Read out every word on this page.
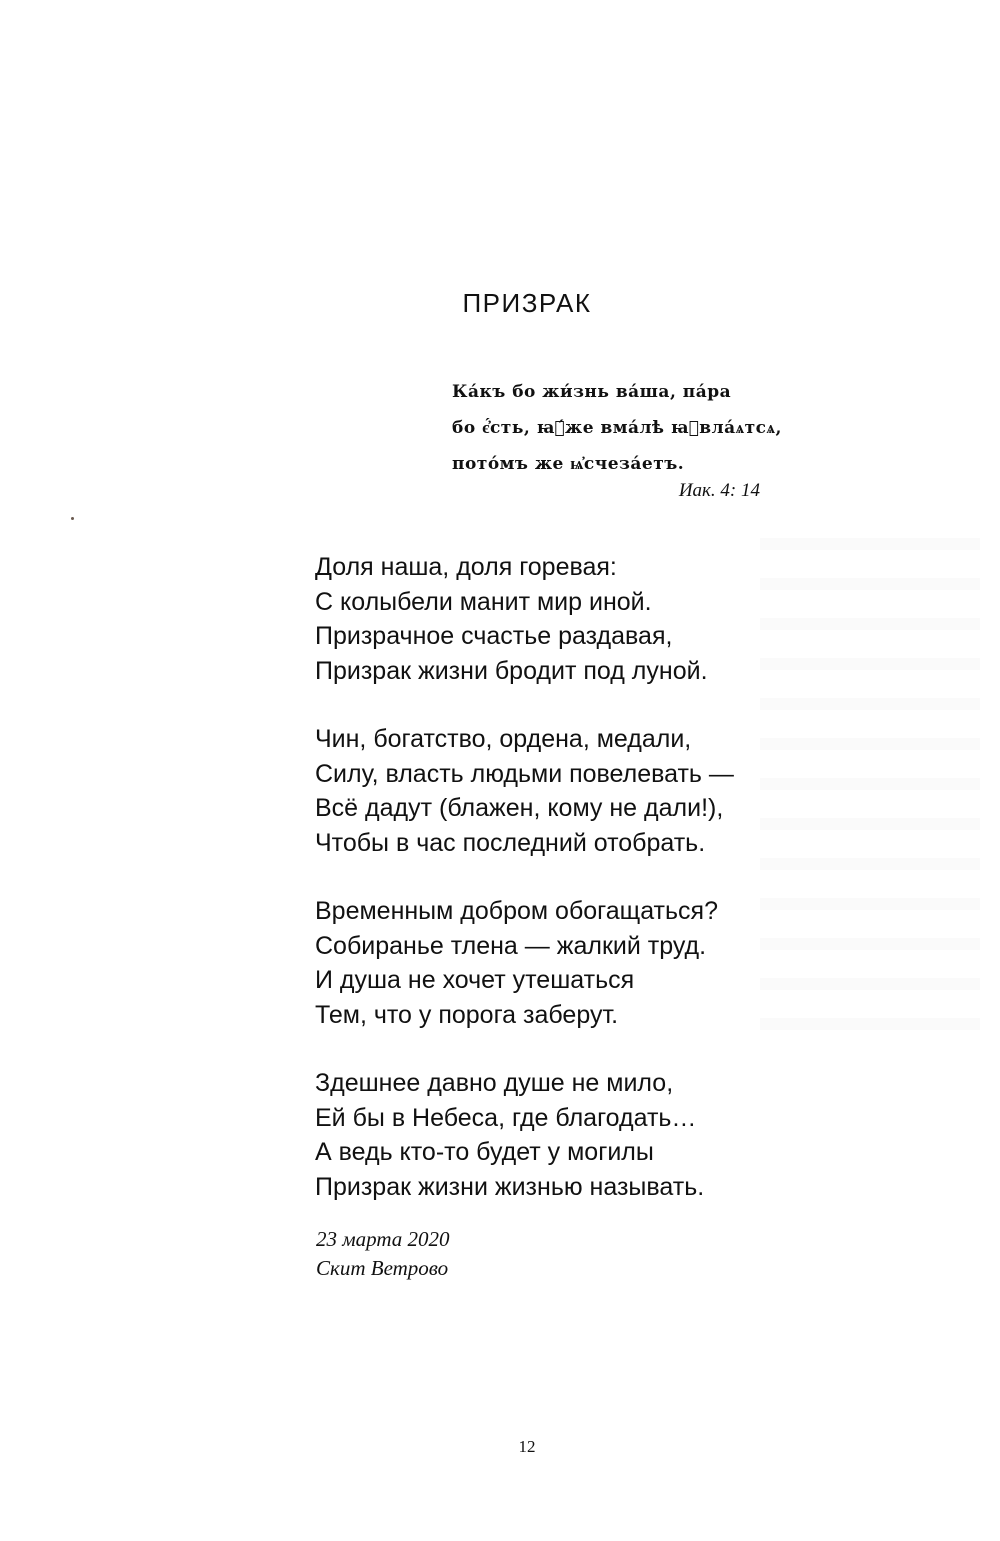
ПРИЗРАК
Ка́къ бо жи́знь ва́ша, па́ра
бо є҆́сть, ꙗ҆́же вма́лѣ ꙗ҆вла́ѧтсѧ,
пото́мъ же ѩ҆счеза́етъ.
Иак. 4: 14
Доля наша, доля горевая:
С колыбели манит мир иной.
Призрачное счастье раздавая,
Призрак жизни бродит под луной.
Чин, богатство, ордена, медали,
Силу, власть людьми повелевать —
Всё дадут (блажен, кому не дали!),
Чтобы в час последний отобрать.
Временным добром обогащаться?
Собиранье тлена — жалкий труд.
И душа не хочет утешаться
Тем, что у порога заберут.
Здешнее давно душе не мило,
Ей бы в Небеса, где благодать…
А ведь кто-то будет у могилы
Призрак жизни жизнью называть.
23 марта 2020
Скит Ветрово
12
